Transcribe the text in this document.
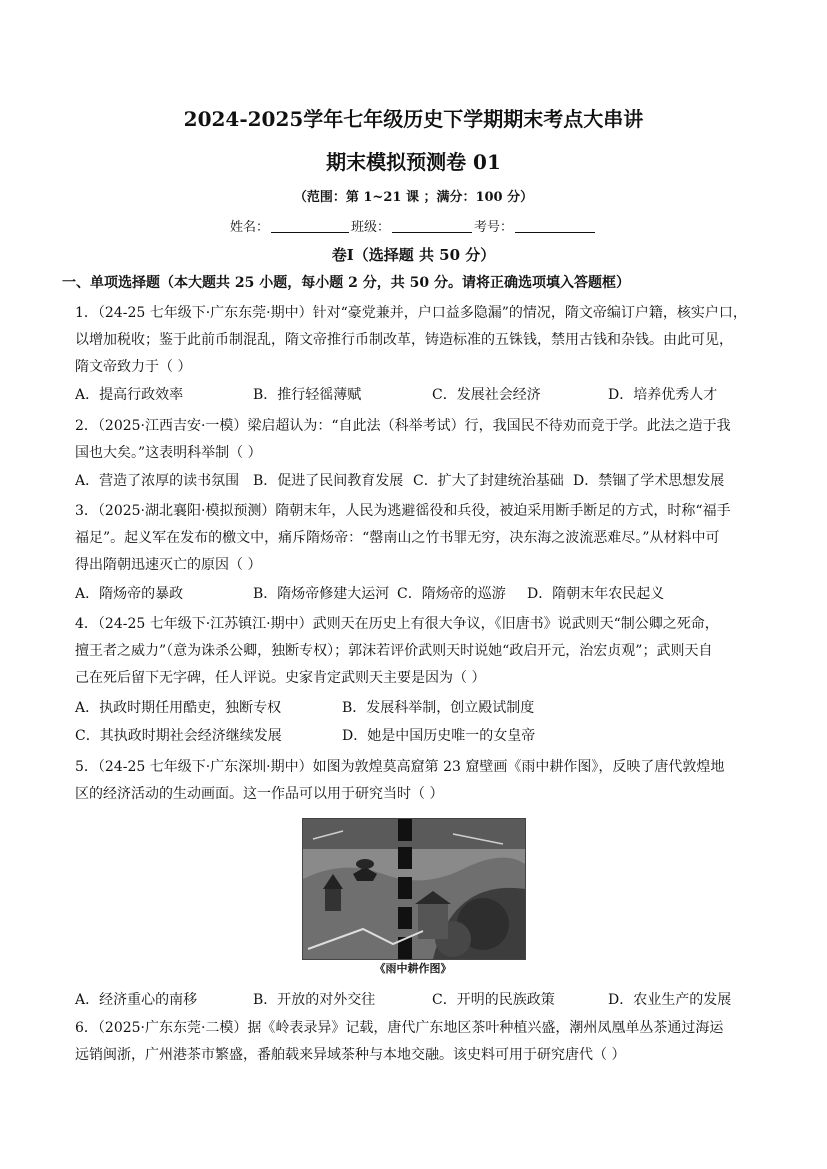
2024-2025学年七年级历史下学期期末考点大串讲
期末模拟预测卷 01
（范围：第 1~21 课 ；满分：100 分）
姓名：	班级：	考号：
卷I（选择题 共 50 分）
一、单项选择题（本大题共 25 小题，每小题 2 分，共 50 分。请将正确选项填入答题框）
1．（24-25 七年级下·广东东莞·期中）针对“豪党兼并，户口益多隐漏”的情况，隋文帝编订户籍，核实户口，
以增加税收；鉴于此前币制混乱，隋文帝推行币制改革，铸造标准的五铢钱，禁用古钱和杂钱。由此可见，
隋文帝致力于（ ）
A．提高行政效率	B．推行轻徭薄赋	C．发展社会经济	D．培养优秀人才
2．（2025·江西吉安·一模）梁启超认为：“自此法（科举考试）行，我国民不待劝而竞于学。此法之造于我
国也大矣。”这表明科举制（ ）
A．营造了浓厚的读书氛围 B．促进了民间教育发展 C．扩大了封建统治基础 D．禁锢了学术思想发展
3．（2025·湖北襄阳·模拟预测）隋朝末年，人民为逃避徭役和兵役，被迫采用断手断足的方式，时称“福手
福足”。起义军在发布的檄文中，痛斥隋炀帝：“罄南山之竹书罪无穷，决东海之波流恶难尽。”从材料中可
得出隋朝迅速灭亡的原因（ ）
A．隋炀帝的暴政	B．隋炀帝修建大运河 C．隋炀帝的巡游 D．隋朝末年农民起义
4．（24-25 七年级下·江苏镇江·期中）武则天在历史上有很大争议，《旧唐书》说武则天“制公卿之死命，
擅王者之威力”（意为诛杀公卿，独断专权）；郭沫若评价武则天时说她“政启开元，治宏贞观”；武则天自
己在死后留下无字碑，任人评说。史家肯定武则天主要是因为（ ）
A．执政时期任用酷吏，独断专权	B．发展科举制，创立殿试制度
C．其执政时期社会经济继续发展	D．她是中国历史唯一的女皇帝
5．（24-25 七年级下·广东深圳·期中）如图为敦煌莫高窟第 23 窟壁画《雨中耕作图》，反映了唐代敦煌地
区的经济活动的生动画面。这一作品可以用于研究当时（ ）
《雨中耕作图》
A．经济重心的南移	B．开放的对外交往	C．开明的民族政策	D．农业生产的发展
6．（2025·广东东莞·二模）据《岭表录异》记载，唐代广东地区茶叶种植兴盛，潮州凤凰单丛茶通过海运
远销闽浙，广州港茶市繁盛，番舶载来异域茶种与本地交融。该史料可用于研究唐代（ ）
